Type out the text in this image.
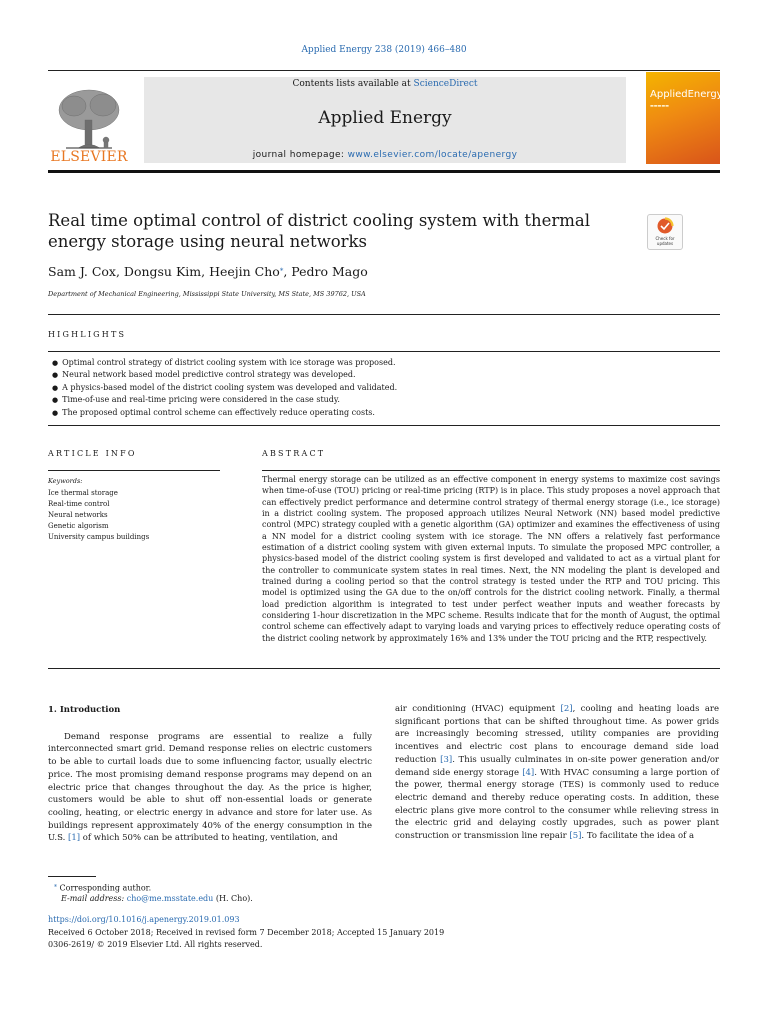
Applied Energy 238 (2019) 466–480
ELSEVIER
Contents lists available at ScienceDirect
Applied Energy
journal homepage: www.elsevier.com/locate/apenergy
AppliedEnergy
▬▬▬▬▬
Real time optimal control of district cooling system with thermal energy storage using neural networks	Check for updates
Sam J. Cox, Dongsu Kim, Heejin Cho⁎, Pedro Mago
Department of Mechanical Engineering, Mississippi State University, MS State, MS 39762, USA
HIGHLIGHTS
● Optimal control strategy of district cooling system with ice storage was proposed.
● Neural network based model predictive control strategy was developed.
● A physics-based model of the district cooling system was developed and validated.
● Time-of-use and real-time pricing were considered in the case study.
● The proposed optimal control scheme can effectively reduce operating costs.
ARTICLE INFO	ABSTRACT
Keywords:
Ice thermal storage
Real-time control
Neural networks
Genetic algorism
University campus buildings

Thermal energy storage can be utilized as an effective component in energy systems to maximize cost savings when time-of-use (TOU) pricing or real-time pricing (RTP) is in place. This study proposes a novel approach that can effectively predict performance and determine control strategy of thermal energy storage (i.e., ice storage) in a district cooling system. The proposed approach utilizes Neural Network (NN) based model predictive control (MPC) strategy coupled with a genetic algorithm (GA) optimizer and examines the effectiveness of using a NN model for a district cooling system with ice storage. The NN offers a relatively fast performance estimation of a district cooling system with given external inputs. To simulate the proposed MPC controller, a physics-based model of the district cooling system is first developed and validated to act as a virtual plant for the controller to communicate system states in real times. Next, the NN modeling the plant is developed and trained during a cooling period so that the control strategy is tested under the RTP and TOU pricing. This model is optimized using the GA due to the on/off controls for the district cooling network. Finally, a thermal load prediction algorithm is integrated to test under perfect weather inputs and weather forecasts by considering 1-hour discretization in the MPC scheme. Results indicate that for the month of August, the optimal control scheme can effectively adapt to varying loads and varying prices to effectively reduce operating costs of the district cooling network by approximately 16% and 13% under the TOU pricing and the RTP, respectively.

1. Introduction

Demand response programs are essential to realize a fully interconnected smart grid. Demand response relies on electric customers to be able to curtail loads due to some influencing factor, usually electric price. The most promising demand response programs may depend on an electric price that changes throughout the day. As the price is higher, customers would be able to shut off non-essential loads or generate cooling, heating, or electric energy in advance and store for later use. As buildings represent approximately 40% of the energy consumption in the U.S. [1] of which 50% can be attributed to heating, ventilation, and

air conditioning (HVAC) equipment [2], cooling and heating loads are significant portions that can be shifted throughout time. As power grids are increasingly becoming stressed, utility companies are providing incentives and electric cost plans to encourage demand side load reduction [3]. This usually culminates in on-site power generation and/or demand side energy storage [4]. With HVAC consuming a large portion of the power, thermal energy storage (TES) is commonly used to reduce electric demand and thereby reduce operating costs. In addition, these electric plans give more control to the consumer while relieving stress in the electric grid and delaying costly upgrades, such as power plant construction or transmission line repair [5]. To facilitate the idea of a

⁎ Corresponding author.
E-mail address: cho@me.msstate.edu (H. Cho).
https://doi.org/10.1016/j.apenergy.2019.01.093
Received 6 October 2018; Received in revised form 7 December 2018; Accepted 15 January 2019
0306-2619/ © 2019 Elsevier Ltd. All rights reserved.
